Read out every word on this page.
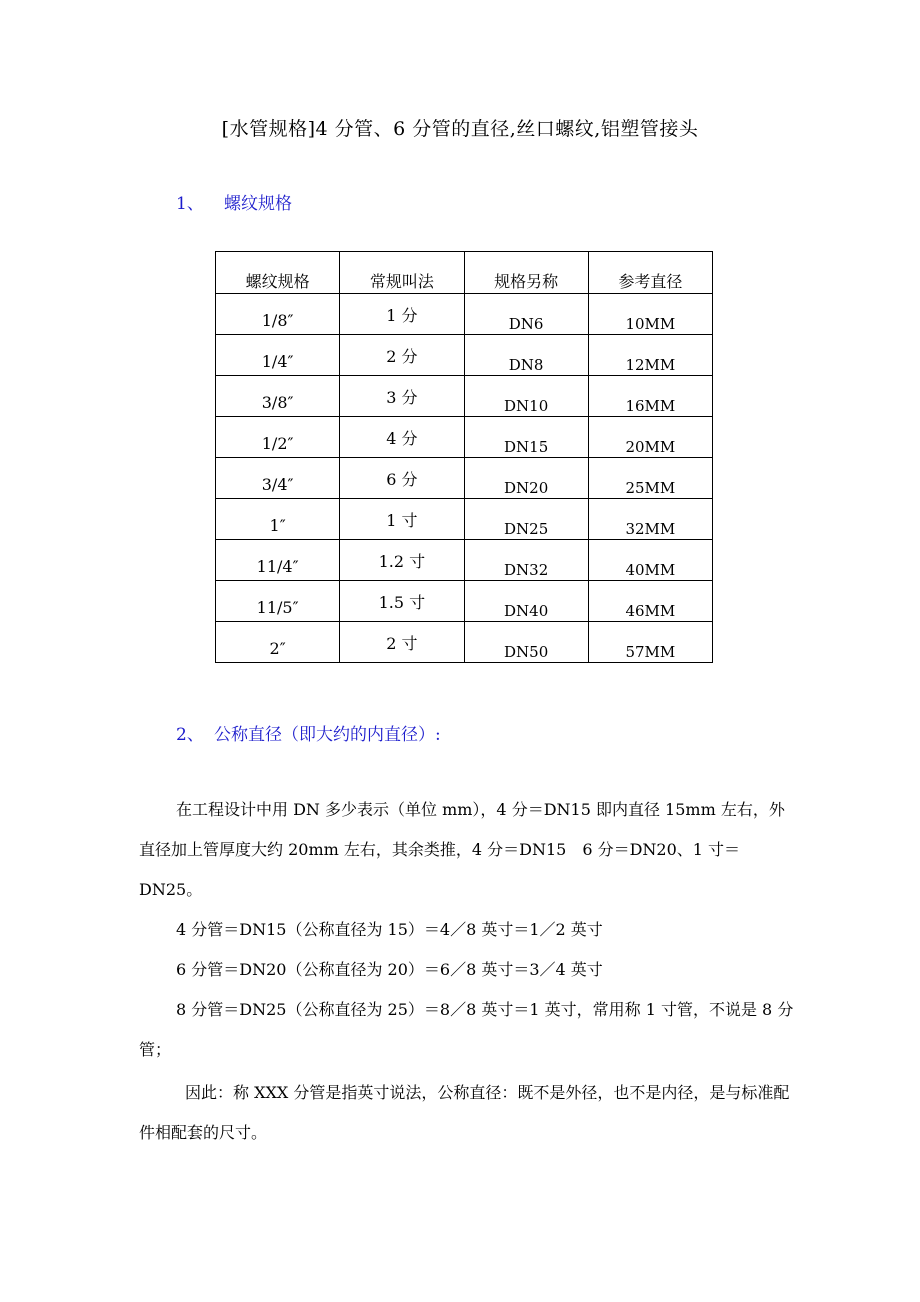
[水管规格]4 分管、6 分管的直径,丝口螺纹,铝塑管接头
1、 螺纹规格
螺纹规格	常规叫法	规格另称	参考直径
1/8″	1 分	DN6	10MM
1/4″	2 分	DN8	12MM
3/8″	3 分	DN10	16MM
1/2″	4 分	DN15	20MM
3/4″	6 分	DN20	25MM
1″	1 寸	DN25	32MM
11/4″	1.2 寸	DN32	40MM
11/5″	1.5 寸	DN40	46MM
2″	2 寸	DN50	57MM
2、 公称直径（即大约的内直径）:
在工程设计中用 DN 多少表示（单位 mm），4 分＝DN15 即内直径 15mm 左右，外直径加上管厚度大约 20mm 左右，其余类推，4 分＝DN15　6 分＝DN20、1 寸＝DN25。
4 分管＝DN15（公称直径为 15）＝4／8 英寸＝1／2 英寸
6 分管＝DN20（公称直径为 20）＝6／8 英寸＝3／4 英寸
8 分管＝DN25（公称直径为 25）＝8／8 英寸＝1 英寸，常用称 1 寸管，不说是 8 分管；
因此：称 XXX 分管是指英寸说法，公称直径：既不是外径，也不是内径，是与标准配件相配套的尺寸。
